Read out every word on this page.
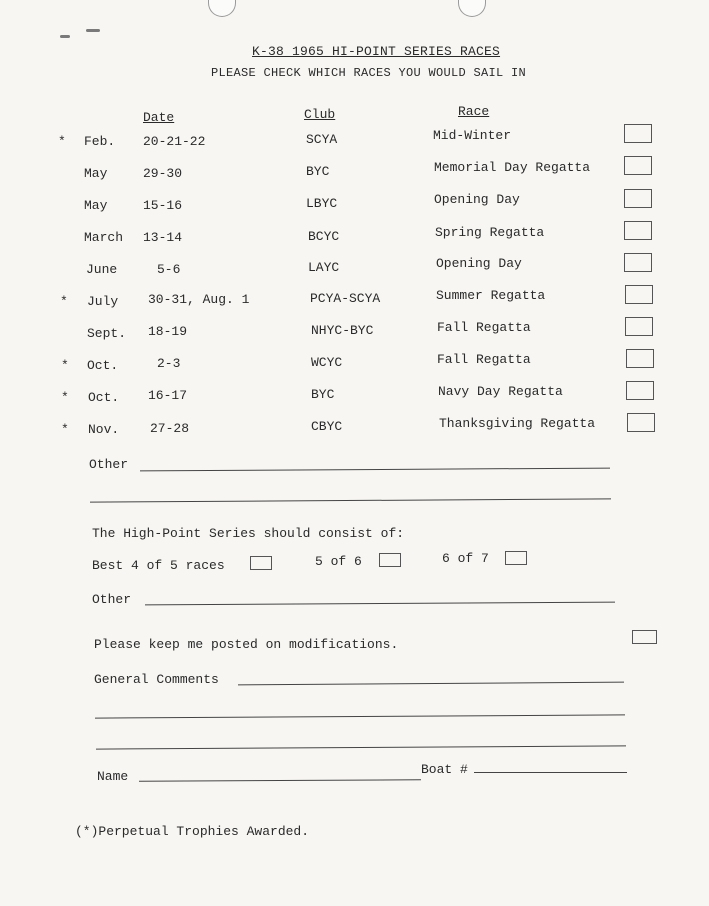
K-38 1965 HI-POINT SERIES RACES
PLEASE CHECK WHICH RACES YOU WOULD SAIL IN
Date	Club	Race
* Feb. 20-21-22	SCYA	Mid-Winter
May	29-30	BYC	Memorial Day Regatta
May	15-16	LBYC	Opening Day
March 13-14	BCYC	Spring Regatta
June	5-6	LAYC	Opening Day
* July 30-31, Aug. 1	PCYA-SCYA	Summer Regatta
Sept. 18-19	NHYC-BYC	Fall Regatta
* Oct.	2-3	WCYC	Fall Regatta
* Oct. 16-17	BYC	Navy Day Regatta
* Nov. 27-28	CBYC	Thanksgiving Regatta
Other
The High-Point Series should consist of:
Best 4 of 5 races	5 of 6	6 of 7
Other
Please keep me posted on modifications.
General Comments
Name	Boat #
(*)Perpetual Trophies Awarded.
